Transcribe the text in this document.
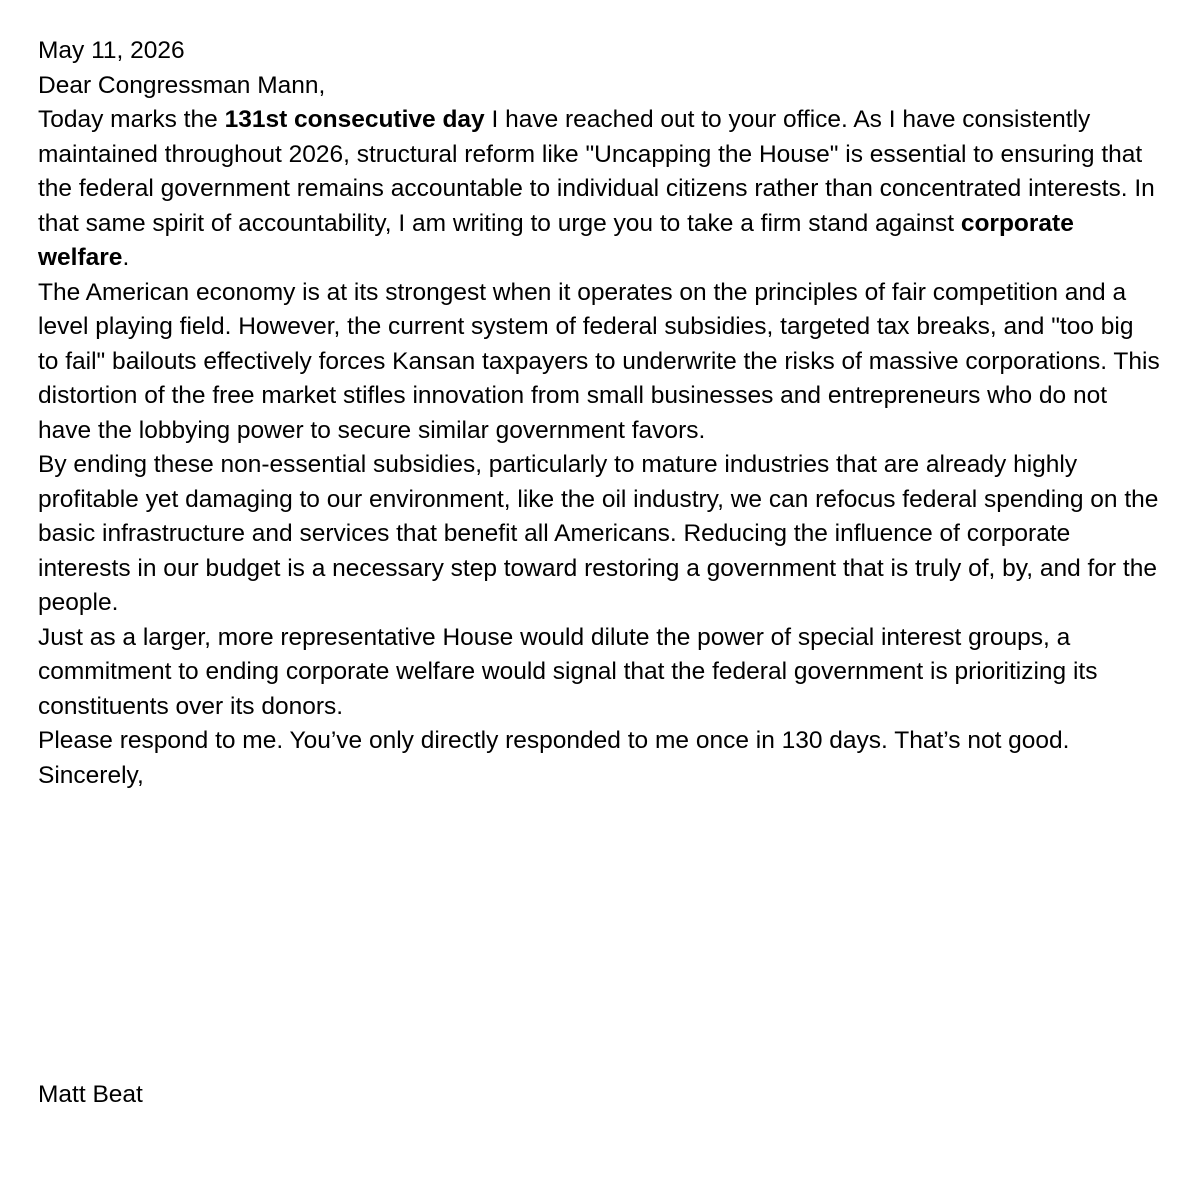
May 11, 2026

Dear Congressman Mann,

Today marks the 131st consecutive day I have reached out to your office. As I have consistently maintained throughout 2026, structural reform like "Uncapping the House" is essential to ensuring that the federal government remains accountable to individual citizens rather than concentrated interests. In that same spirit of accountability, I am writing to urge you to take a firm stand against corporate welfare.

The American economy is at its strongest when it operates on the principles of fair competition and a level playing field. However, the current system of federal subsidies, targeted tax breaks, and "too big to fail" bailouts effectively forces Kansan taxpayers to underwrite the risks of massive corporations. This distortion of the free market stifles innovation from small businesses and entrepreneurs who do not have the lobbying power to secure similar government favors.

By ending these non-essential subsidies, particularly to mature industries that are already highly profitable yet damaging to our environment, like the oil industry, we can refocus federal spending on the basic infrastructure and services that benefit all Americans. Reducing the influence of corporate interests in our budget is a necessary step toward restoring a government that is truly of, by, and for the people.

Just as a larger, more representative House would dilute the power of special interest groups, a commitment to ending corporate welfare would signal that the federal government is prioritizing its constituents over its donors.

Please respond to me. You’ve only directly responded to me once in 130 days. That’s not good.

Sincerely,

Matt Beat
